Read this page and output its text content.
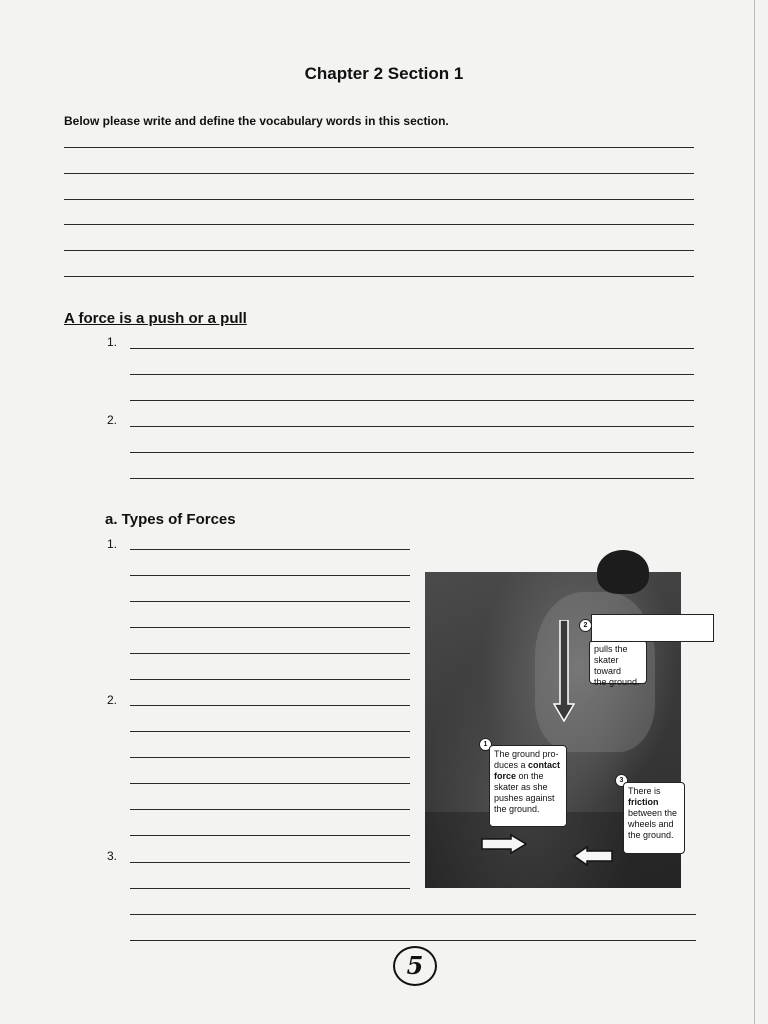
Chapter 2 Section 1
Below please write and define the vocabulary words in this section.
A force is a push or a pull
1.
2.
a. Types of Forces
1.
2.
3.
2
pulls the
skater toward
the ground.
1
The ground pro-
duces a contact
force on the
skater as she
pushes against
the ground.
3
There is
friction
between the
wheels and
the ground.
5
